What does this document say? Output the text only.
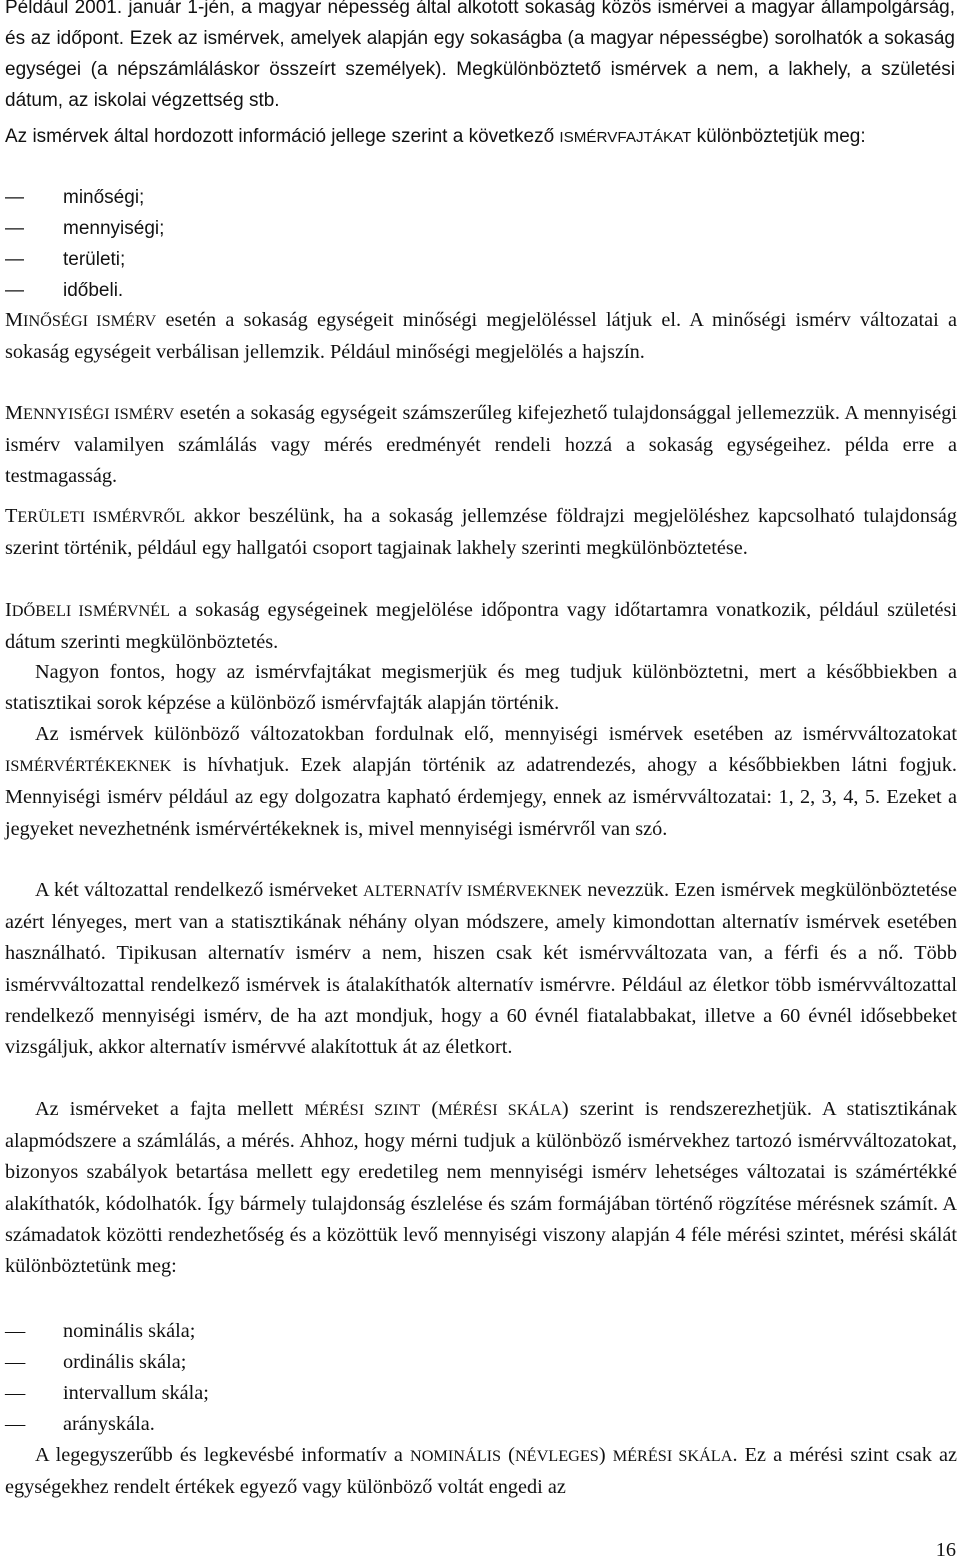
Például 2001. január 1-jén, a magyar népesség által alkotott sokaság közös ismérvei a magyar állampolgárság, és az időpont. Ezek az ismérvek, amelyek alapján egy sokaságba (a magyar népességbe) sorolhatók a sokaság egységei (a népszámláláskor összeírt személyek). Megkülönböztető ismérvek a nem, a lakhely, a születési dátum, az iskolai végzettség stb.

Az ismérvek által hordozott információ jellege szerint a következő ISMÉRVFAJTÁKAT különböztetjük meg:

— minőségi;

— mennyiségi;

— területi;

— időbeli.

MINŐSÉGI ISMÉRV esetén a sokaság egységeit minőségi megjelöléssel látjuk el. A minőségi ismérv változatai a sokaság egységeit verbálisan jellemzik. Például minőségi megjelölés a hajszín.

MENNYISÉGI ISMÉRV esetén a sokaság egységeit számszerűleg kifejezhető tulajdonsággal jellemezzük. A mennyiségi ismérv valamilyen számlálás vagy mérés eredményét rendeli hozzá a sokaság egységeihez. példa erre a testmagasság.

TERÜLETI ISMÉRVRŐL akkor beszélünk, ha a sokaság jellemzése földrajzi megjelöléshez kapcsolható tulajdonság szerint történik, például egy hallgatói csoport tagjainak lakhely szerinti megkülönböztetése.

IDŐBELI ISMÉRVNÉL a sokaság egységeinek megjelölése időpontra vagy időtartamra vonatkozik, például születési dátum szerinti megkülönböztetés.

Nagyon fontos, hogy az ismérvfajtákat megismerjük és meg tudjuk különböztetni, mert a későbbiekben a statisztikai sorok képzése a különböző ismérvfajták alapján történik.

Az ismérvek különböző változatokban fordulnak elő, mennyiségi ismérvek esetében az ismérvváltozatokat ISMÉRVÉRTÉKEKNEK is hívhatjuk. Ezek alapján történik az adatrendezés, ahogy a későbbiekben látni fogjuk. Mennyiségi ismérv például az egy dolgozatra kapható érdemjegy, ennek az ismérvváltozatai: 1, 2, 3, 4, 5. Ezeket a jegyeket nevezhetnénk ismérvértékeknek is, mivel mennyiségi ismérvről van szó.

A két változattal rendelkező ismérveket ALTERNATÍV ISMÉRVEKNEK nevezzük. Ezen ismérvek megkülönböztetése azért lényeges, mert van a statisztikának néhány olyan módszere, amely kimondottan alternatív ismérvek esetében használható. Tipikusan alternatív ismérv a nem, hiszen csak két ismérvváltozata van, a férfi és a nő. Több ismérvváltozattal rendelkező ismérvek is átalakíthatók alternatív ismérvre. Például az életkor több ismérvváltozattal rendelkező mennyiségi ismérv, de ha azt mondjuk, hogy a 60 évnél fiatalabbakat, illetve a 60 évnél idősebbeket vizsgáljuk, akkor alternatív ismérvvé alakítottuk át az életkort.

Az ismérveket a fajta mellett MÉRÉSI SZINT (MÉRÉSI SKÁLA) szerint is rendszerezhetjük. A statisztikának alapmódszere a számlálás, a mérés. Ahhoz, hogy mérni tudjuk a különböző ismérvekhez tartozó ismérvváltozatokat, bizonyos szabályok betartása mellett egy eredetileg nem mennyiségi ismérv lehetséges változatai is számértékké alakíthatók, kódolhatók. Így bármely tulajdonság észlelése és szám formájában történő rögzítése mérésnek számít. A számadatok közötti rendezhetőség és a közöttük levő mennyiségi viszony alapján 4 féle mérési szintet, mérési skálát különböztetünk meg:

— nominális skála;

— ordinális skála;

— intervallum skála;

— arányskála.

A legegyszerűbb és legkevésbé informatív a NOMINÁLIS (NÉVLEGES) MÉRÉSI SKÁLA. Ez a mérési szint csak az egységekhez rendelt értékek egyező vagy különböző voltát engedi az

16
